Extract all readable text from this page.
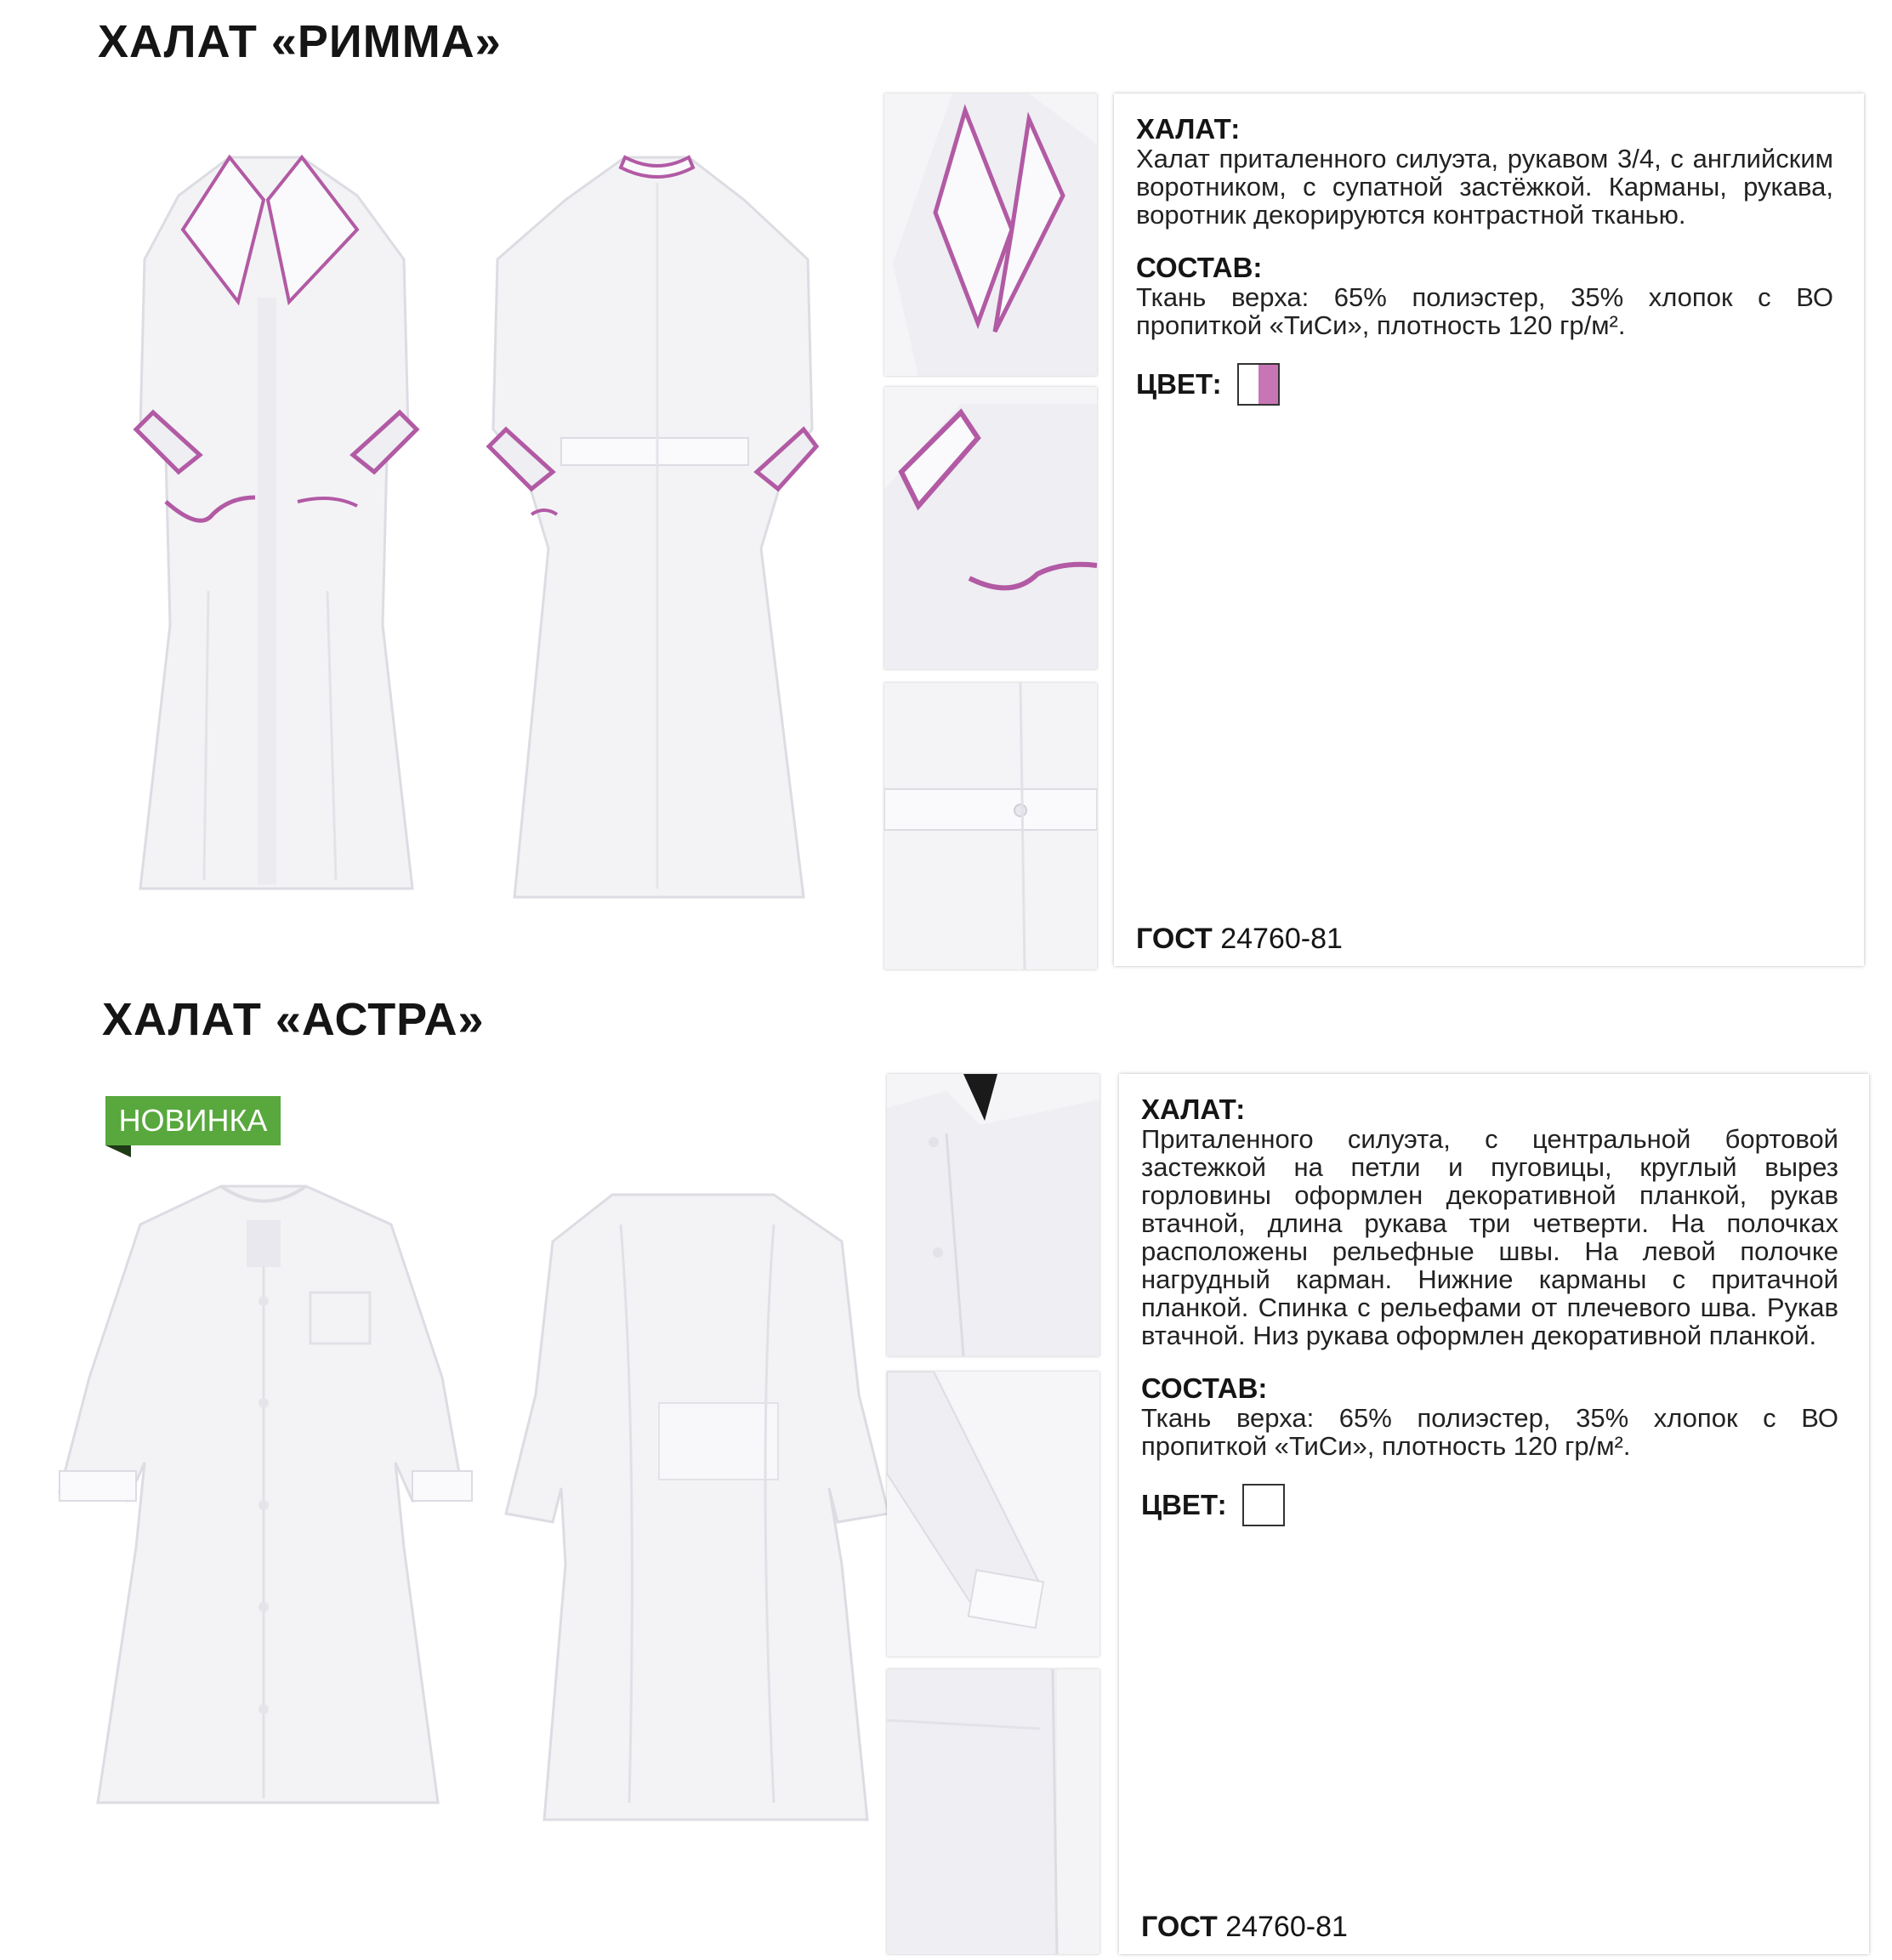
ХАЛАТ «РИММА»
ХАЛАТ:

Халат приталенного силуэта, рукавом 3/4, с английским воротником, с супатной застёжкой. Карманы, рукава, воротник декорируются контрастной тканью.

СОСТАВ:

Ткань верха: 65% полиэстер, 35% хлопок с ВО пропиткой «ТиСи», плотность 120 гр/м².

ЦВЕТ:
ГОСТ 24760-81
ХАЛАТ «АСТРА»
НОВИНКА	ХАЛАТ:

Приталенного силуэта, с центральной бортовой застежкой на петли и пуговицы, круглый вырез горловины оформлен декоративной планкой, рукав втачной, длина рукава три четверти. На полочках расположены рельефные швы. На левой полочке нагрудный карман. Нижние карманы с притачной планкой. Спинка с рельефами от плечевого шва. Рукав втачной. Низ рукава оформлен декоративной планкой.

СОСТАВ:

Ткань верха: 65% полиэстер, 35% хлопок с ВО пропиткой «ТиСи», плотность 120 гр/м².

ЦВЕТ:
ГОСТ 24760-81
